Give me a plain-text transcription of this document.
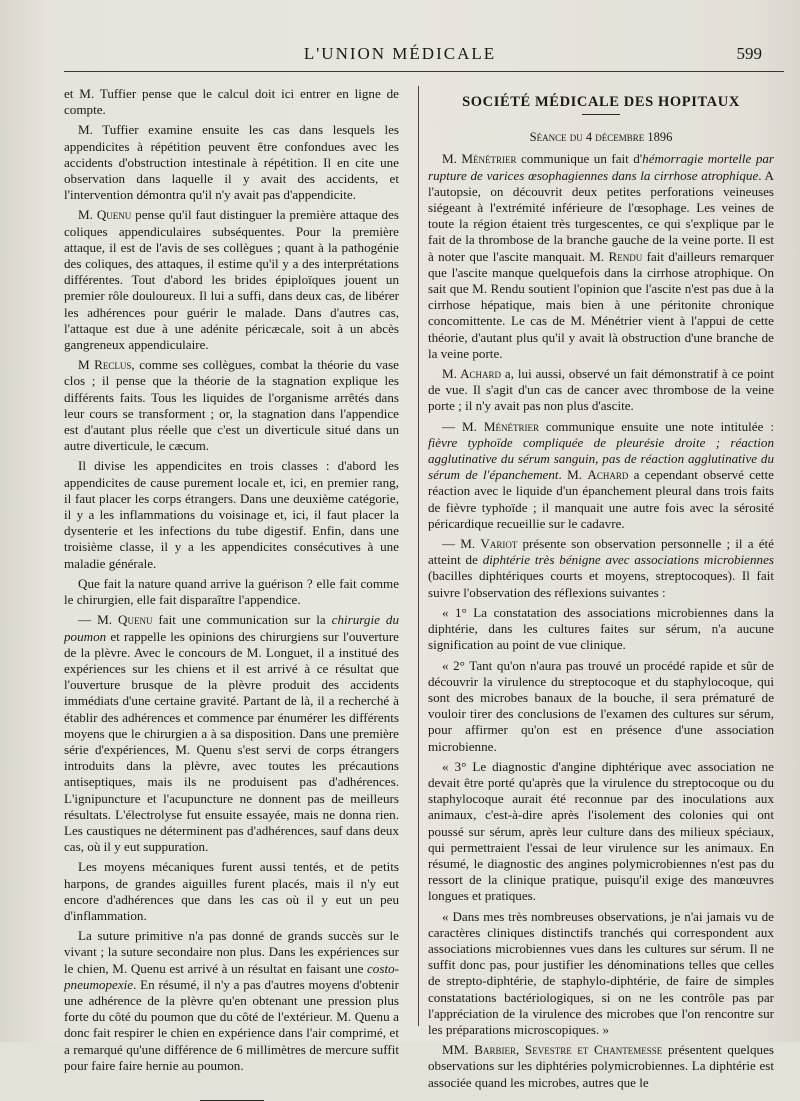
L'UNION MÉDICALE	599

et M. Tuffier pense que le calcul doit ici entrer en ligne de compte.

M. Tuffier examine ensuite les cas dans lesquels les appendicites à répétition peuvent être confondues avec les accidents d'obstruction intestinale à répétition. Il en cite une observation dans laquelle il y avait des accidents, et l'intervention démontra qu'il n'y avait pas d'appendicite.

M. Quenu pense qu'il faut distinguer la première attaque des coliques appendiculaires subséquentes. Pour la première attaque, il est de l'avis de ses collègues ; quant à la pathogénie des coliques, des attaques, il estime qu'il y a des interprétations différentes. Tout d'abord les brides épiploïques jouent un premier rôle douloureux. Il lui a suffi, dans deux cas, de libérer les adhérences pour guérir le malade. Dans d'autres cas, l'attaque est due à une adénite péricæcale, soit à un abcès gangreneux appendiculaire.

M Reclus, comme ses collègues, combat la théorie du vase clos ; il pense que la théorie de la stagnation explique les différents faits. Tous les liquides de l'organisme arrêtés dans leur cours se transforment ; or, la stagnation dans l'appendice est d'autant plus réelle que c'est un diverticule situé dans un autre diverticule, le cæcum.

Il divise les appendicites en trois classes : d'abord les appendicites de cause purement locale et, ici, en premier rang, il faut placer les corps étrangers. Dans une deuxième catégorie, il y a les inflammations du voisinage et, ici, il faut placer la dysenterie et les infections du tube digestif. Enfin, dans une troisième classe, il y a les appendicites consécutives à une maladie générale.

Que fait la nature quand arrive la guérison ? elle fait comme le chirurgien, elle fait disparaître l'appendice.

— M. Quenu fait une communication sur la chirurgie du poumon et rappelle les opinions des chirurgiens sur l'ouverture de la plèvre. Avec le concours de M. Longuet, il a institué des expériences sur les chiens et il est arrivé à ce résultat que l'ouverture brusque de la plèvre produit des accidents immédiats d'une certaine gravité. Partant de là, il a recherché à établir des adhérences et commence par énumérer les différents moyens que le chirurgien a à sa disposition. Dans une première série d'expériences, M. Quenu s'est servi de corps étrangers introduits dans la plèvre, avec toutes les précautions antiseptiques, mais ils ne produisent pas d'adhérences. L'ignipuncture et l'acupuncture ne donnent pas de meilleurs résultats. L'électrolyse fut ensuite essayée, mais ne donna rien. Les caustiques ne déterminent pas d'adhérences, sauf dans deux cas, où il y eut suppuration.

Les moyens mécaniques furent aussi tentés, et de petits harpons, de grandes aiguilles furent placés, mais il n'y eut encore d'adhérences que dans les cas où il y eut un peu d'inflammation.

La suture primitive n'a pas donné de grands succès sur le vivant ; la suture secondaire non plus. Dans les expériences sur le chien, M. Quenu est arrivé à un résultat en faisant une costo-pneumopexie. En résumé, il n'y a pas d'autres moyens d'obtenir une adhérence de la plèvre qu'en obtenant une pression plus forte du côté du poumon que du côté de l'extérieur. M. Quenu a donc fait respirer le chien en expérience dans l'air comprimé, et a remarqué qu'une différence de 6 millimètres de mercure suffit pour faire faire hernie au poumon.

SOCIÉTÉ MÉDICALE DES HOPITAUX
Séance du 4 décembre 1896

M. Ménétrier communique un fait d'hémorragie mortelle par rupture de varices œsophagiennes dans la cirrhose atrophique. A l'autopsie, on découvrit deux petites perforations veineuses siégeant à l'extrémité inférieure de l'œsophage. Les veines de toute la région étaient très turgescentes, ce qui s'explique par le fait de la thrombose de la branche gauche de la veine porte. Il est à noter que l'ascite manquait. M. Rendu fait d'ailleurs remarquer que l'ascite manque quelquefois dans la cirrhose atrophique. On sait que M. Rendu soutient l'opinion que l'ascite n'est pas due à la cirrhose hépatique, mais bien à une péritonite chronique concomittente. Le cas de M. Ménétrier vient à l'appui de cette théorie, d'autant plus qu'il y avait là obstruction d'une branche de la veine porte.

M. Achard a, lui aussi, observé un fait démonstratif à ce point de vue. Il s'agit d'un cas de cancer avec thrombose de la veine porte ; il n'y avait pas non plus d'ascite.

— M. Ménétrier communique ensuite une note intitulée : fièvre typhoïde compliquée de pleurésie droite ; réaction agglutinative du sérum sanguin, pas de réaction agglutinative du sérum de l'épanchement. M. Achard a cependant observé cette réaction avec le liquide d'un épanchement pleural dans trois faits de fièvre typhoïde ; il manquait une autre fois avec la sérosité péricardique recueillie sur le cadavre.

— M. Variot présente son observation personnelle ; il a été atteint de diphtérie très bénigne avec associations microbiennes (bacilles diphtériques courts et moyens, streptocoques). Il fait suivre l'observation des réflexions suivantes :

« 1° La constatation des associations microbiennes dans la diphtérie, dans les cultures faites sur sérum, n'a aucune signification au point de vue clinique.

« 2° Tant qu'on n'aura pas trouvé un procédé rapide et sûr de découvrir la virulence du streptocoque et du staphylocoque, qui sont des microbes banaux de la bouche, il sera prématuré de vouloir tirer des conclusions de l'examen des cultures sur sérum, pour affirmer qu'on est en présence d'une association microbienne.

« 3° Le diagnostic d'angine diphtérique avec association ne devait être porté qu'après que la virulence du streptocoque ou du staphylocoque aurait été reconnue par des inoculations aux animaux, c'est-à-dire après l'isolement des colonies qui ont poussé sur sérum, après leur culture dans des milieux spéciaux, qui permettraient l'essai de leur virulence sur les animaux. En résumé, le diagnostic des angines polymicrobiennes n'est pas du ressort de la clinique pratique, puisqu'il exige des manœuvres longues et pratiques.

« Dans mes très nombreuses observations, je n'ai jamais vu de caractères cliniques distinctifs tranchés qui correspondent aux associations microbiennes vues dans les cultures sur sérum. Il ne suffit donc pas, pour justifier les dénominations telles que celles de strepto-diphtérie, de staphylo-diphtérie, de faire de simples constatations bactériologiques, si on ne les contrôle pas par l'appréciation de la virulence des microbes que l'on rencontre sur les préparations microscopiques. »

MM. Barbier, Sevestre et Chantemesse présentent quelques observations sur les diphtéries polymicrobiennes. La diphtérie est associée quand les microbes, autres que le
